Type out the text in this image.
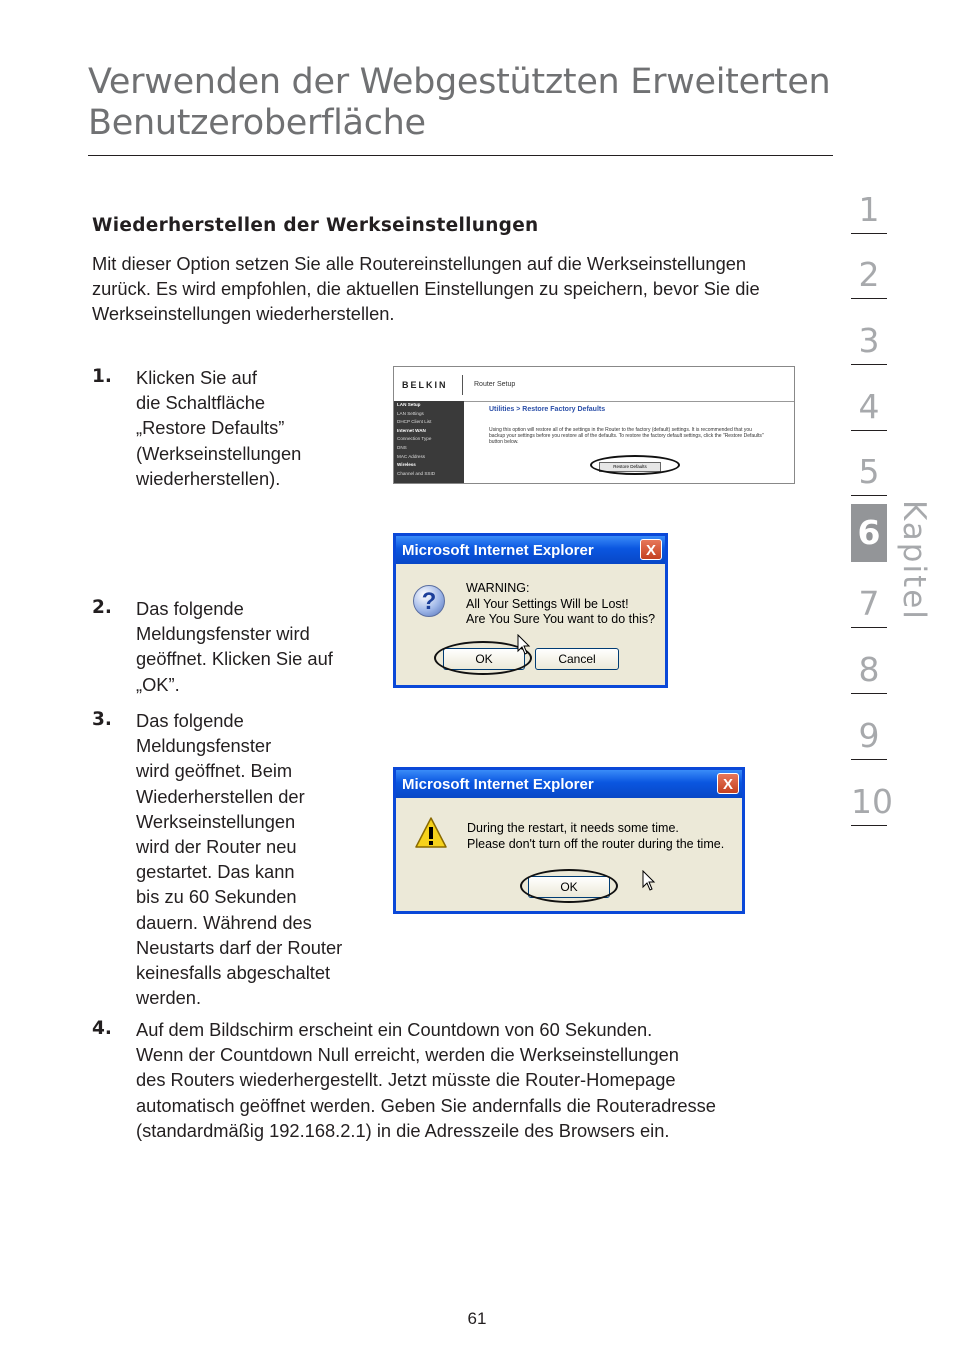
Verwenden der Webgestützten Erweiterten
Benutzeroberfläche
1
2
3
4
5
6
7
8
9
10
Kapitel
Wiederherstellen der Werkseinstellungen

Mit dieser Option setzen Sie alle Routereinstellungen auf die Werkseinstellungen zurück. Es wird empfohlen, die aktuellen Einstellungen zu speichern, bevor Sie die Werkseinstellungen wiederherstellen.

1. Klicken Sie auf
die Schaltfläche
„Restore Defaults”
(Werkseinstellungen
wiederherstellen).

BELKIN	Router Setup
LAN Setup
LAN Settings
DHCP Client List
Internet WAN
Connection Type
DNS
MAC Address
Wireless
Channel and SSID
Utilities > Restore Factory Defaults
Using this option will restore all of the settings in the Router to the factory (default) settings. It is recommended that you backup your settings before you restore all of the defaults. To restore the factory default settings, click the "Restore Defaults" button below.
Restore Defaults
2. Das folgende
Meldungsfenster wird
geöffnet. Klicken Sie auf
„OK”.

Microsoft Internet Explorer	X
?	WARNING:
All Your Settings Will be Lost!
Are You Sure You want to do this?
OK	Cancel
3. Das folgende
Meldungsfenster
wird geöffnet. Beim
Wiederherstellen der
Werkseinstellungen
wird der Router neu
gestartet. Das kann
bis zu 60 Sekunden
dauern. Während des
Neustarts darf der Router
keinesfalls abgeschaltet
werden.

Microsoft Internet Explorer	X
During the restart, it needs some time.
Please don't turn off the router during the time.
OK
4. Auf dem Bildschirm erscheint ein Countdown von 60 Sekunden.
Wenn der Countdown Null erreicht, werden die Werkseinstellungen
des Routers wiederhergestellt. Jetzt müsste die Router-Homepage
automatisch geöffnet werden. Geben Sie andernfalls die Routeradresse
(standardmäßig 192.168.2.1) in die Adresszeile des Browsers ein.

61
